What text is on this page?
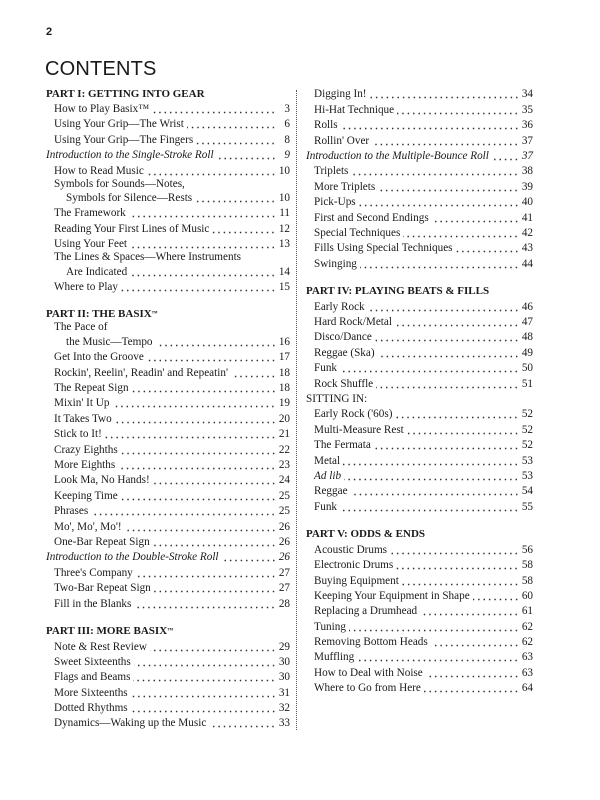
2
CONTENTS
PART I: GETTING INTO GEAR
How to Play Basix™	3
Using Your Grip—The Wrist	6
Using Your Grip—The Fingers	8
Introduction to the Single-Stroke Roll	9
How to Read Music	10
Symbols for Sounds—Notes,
Symbols for Silence—Rests	10
The Framework	11
Reading Your First Lines of Music	12
Using Your Feet	13
The Lines & Spaces—Where Instruments
Are Indicated	14
Where to Play	15
PART II: THE BASIX ™
The Pace of
the Music—Tempo	16
Get Into the Groove	17
Rockin', Reelin', Readin' and Repeatin'	18
The Repeat Sign	18
Mixin' It Up	19
It Takes Two	20
Stick to It!	21
Crazy Eighths	22
More Eighths	23
Look Ma, No Hands!	24
Keeping Time	25
Phrases	25
Mo', Mo', Mo'!	26
One-Bar Repeat Sign	26
Introduction to the Double-Stroke Roll	26
Three's Company	27
Two-Bar Repeat Sign	27
Fill in the Blanks	28
PART III: MORE BASIX ™
Note & Rest Review	29
Sweet Sixteenths	30
Flags and Beams	30
More Sixteenths	31
Dotted Rhythms	32
Dynamics—Waking up the Music	33
Digging In!	34
Hi-Hat Technique	35
Rolls	36
Rollin' Over	37
Introduction to the Multiple-Bounce Roll	37
Triplets	38
More Triplets	39
Pick-Ups	40
First and Second Endings	41
Special Techniques	42
Fills Using Special Techniques	43
Swinging	44
PART IV: PLAYING BEATS & FILLS
Early Rock	46
Hard Rock/Metal	47
Disco/Dance	48
Reggae (Ska)	49
Funk	50
Rock Shuffle	51
SITTING IN:
Early Rock ('60s)	52
Multi-Measure Rest	52
The Fermata	52
Metal	53
Ad lib	53
Reggae	54
Funk	55
PART V: ODDS & ENDS
Acoustic Drums	56
Electronic Drums	58
Buying Equipment	58
Keeping Your Equipment in Shape	60
Replacing a Drumhead	61
Tuning	62
Removing Bottom Heads	62
Muffling	63
How to Deal with Noise	63
Where to Go from Here	64
